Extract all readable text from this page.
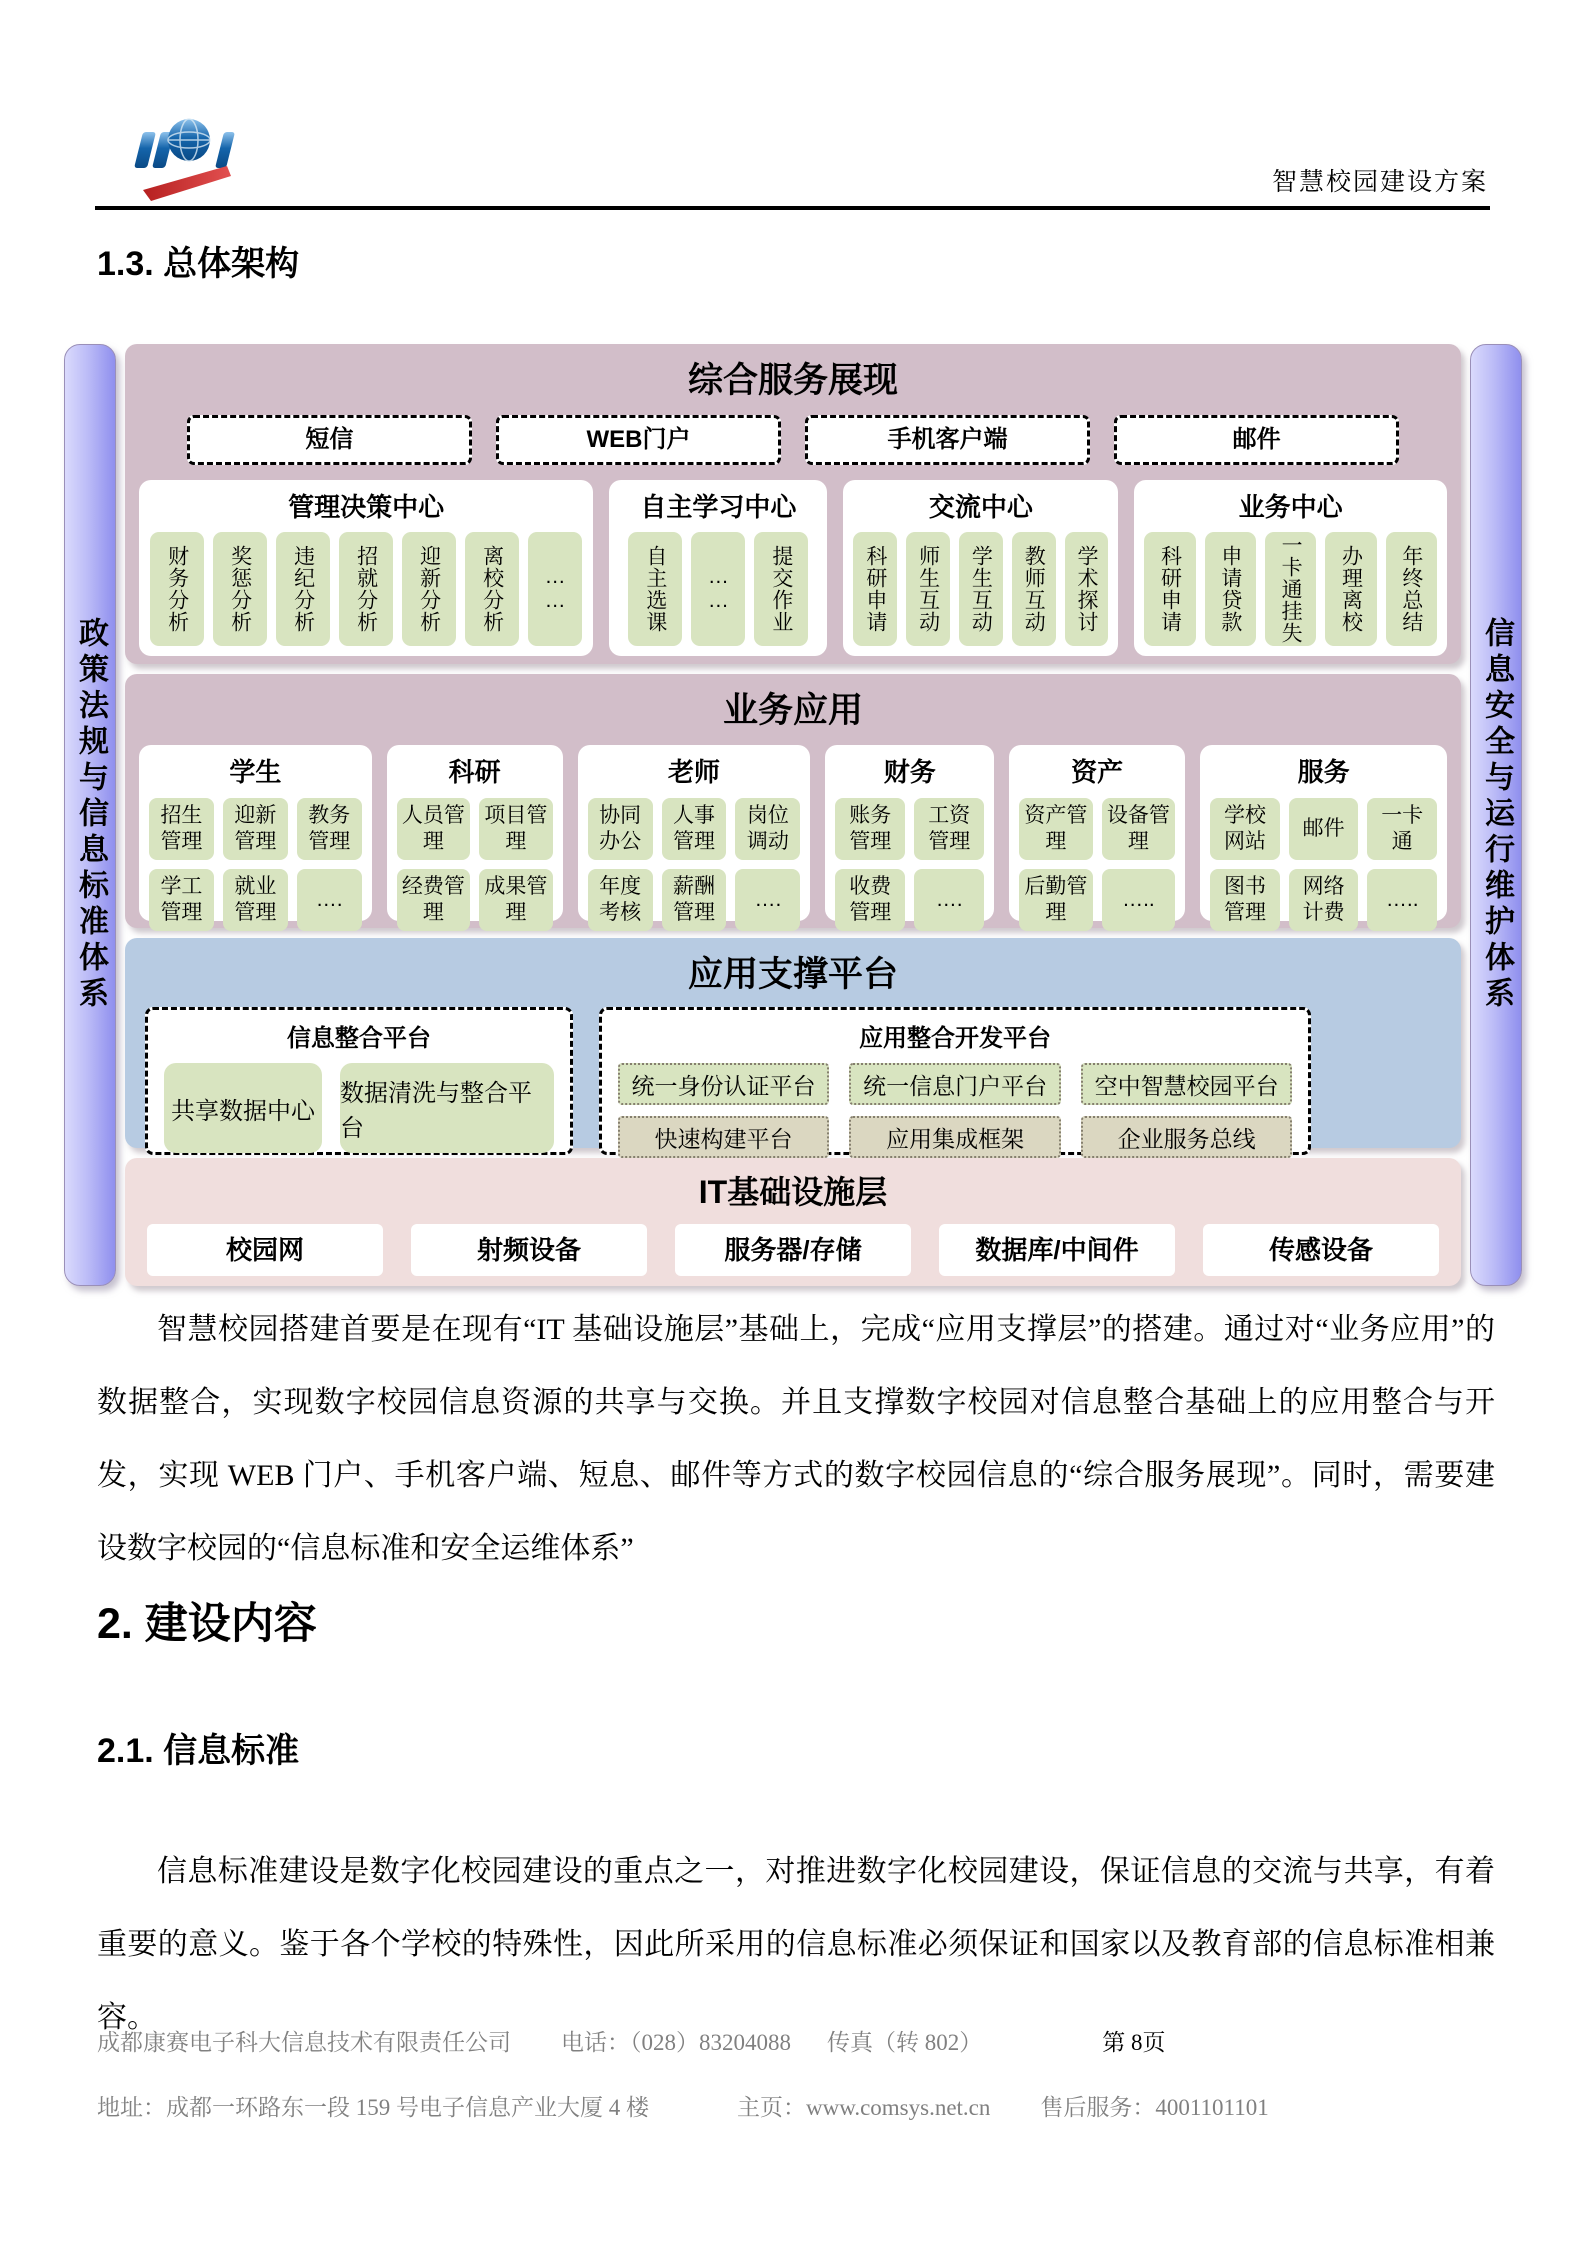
智慧校园建设方案
1.3. 总体架构
政策法规与信息标准体系
综合服务展现
短信	WEB门户	手机客户端	邮件
管理决策中心
财务分析 奖惩分析 违纪分析 招就分析 迎新分析 离校分析 ……
自主学习中心
自主选课 …… 提交作业
交流中心
科研申请 师生互动 学生互动 教师互动 学术探讨
业务中心
科研申请 申请贷款 一卡通挂失 办理离校 年终总结
业务应用
学生
招生管理
迎新管理
教务管理
学工管理
就业管理
….
科研
人员管理
项目管理
经费管理
成果管理
老师
协同办公
人事管理
岗位调动
年度考核
薪酬管理
….
财务
账务管理
工资管理
收费管理
….
资产
资产管理
设备管理
后勤管理
…..
服务
学校网站
邮件
一卡通
图书管理
网络计费
…..
应用支撑平台
信息整合平台
共享数据中心
数据清洗与整合平台
应用整合开发平台
统一身份认证平台	统一信息门户平台	空中智慧校园平台
快速构建平台	应用集成框架	企业服务总线
IT基础设施层
校园网	射频设备	服务器/存储	数据库/中间件	传感设备
信息安全与运行维护体系

智慧校园搭建首要是在现有“IT 基础设施层”基础上，完成“应用支撑层”的搭建。通过对“业务应用”的数据整合，实现数字校园信息资源的共享与交换。并且支撑数字校园对信息整合基础上的应用整合与开发，实现 WEB 门户、手机客户端、短息、邮件等方式的数字校园信息的“综合服务展现”。同时，需要建设数字校园的“信息标准和安全运维体系”

2. 建设内容
2.1. 信息标准

信息标准建设是数字化校园建设的重点之一，对推进数字化校园建设，保证信息的交流与共享，有着重要的意义。鉴于各个学校的特殊性，因此所采用的信息标准必须保证和国家以及教育部的信息标准相兼容。

成都康赛电子科大信息技术有限责任公司 电话：（028）83204088 传真（转 802）	第 8页
地址：成都一环路东一段 159 号电子信息产业大厦 4 楼	主页：www.comsys.net.cn 售后服务：4001101101
